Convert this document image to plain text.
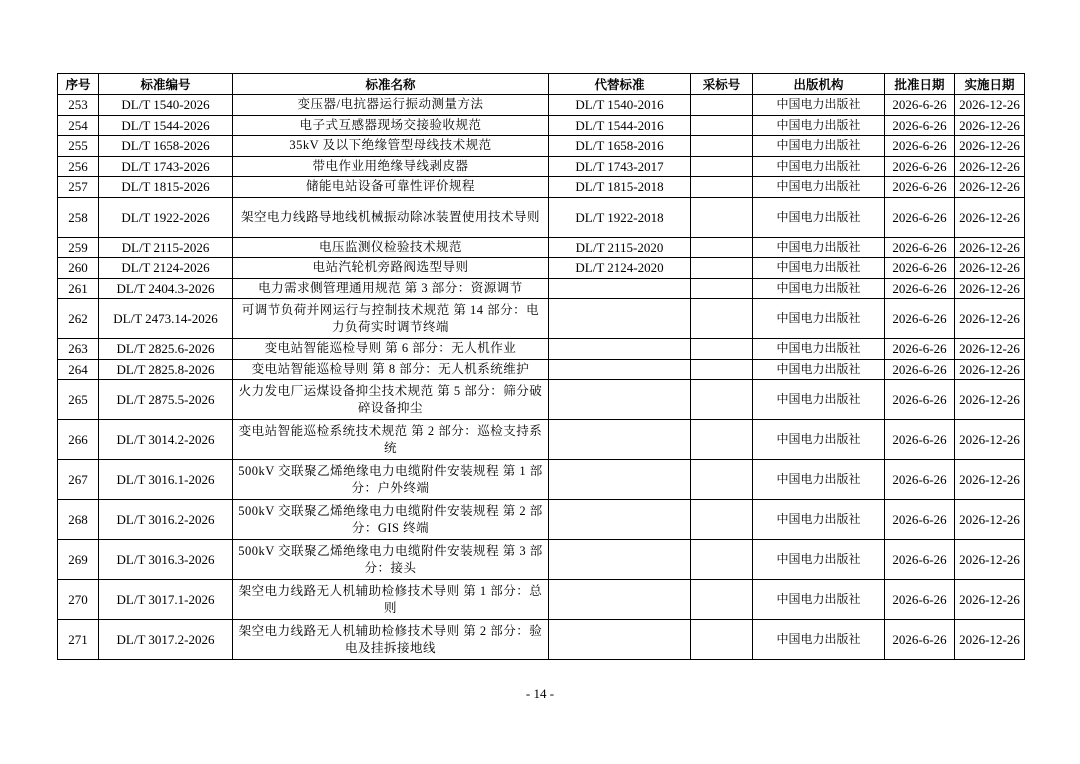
序号	标准编号	标准名称	代替标准	采标号	出版机构	批准日期	实施日期
253	DL/T 1540-2026	变压器/电抗器运行振动测量方法	DL/T 1540-2016		中国电力出版社	2026-6-26	2026-12-26
254	DL/T 1544-2026	电子式互感器现场交接验收规范	DL/T 1544-2016		中国电力出版社	2026-6-26	2026-12-26
255	DL/T 1658-2026	35kV 及以下绝缘管型母线技术规范	DL/T 1658-2016		中国电力出版社	2026-6-26	2026-12-26
256	DL/T 1743-2026	带电作业用绝缘导线剥皮器	DL/T 1743-2017		中国电力出版社	2026-6-26	2026-12-26
257	DL/T 1815-2026	储能电站设备可靠性评价规程	DL/T 1815-2018		中国电力出版社	2026-6-26	2026-12-26
258	DL/T 1922-2026	架空电力线路导地线机械振动除冰装置使用技术导则	DL/T 1922-2018		中国电力出版社	2026-6-26	2026-12-26
259	DL/T 2115-2026	电压监测仪检验技术规范	DL/T 2115-2020		中国电力出版社	2026-6-26	2026-12-26
260	DL/T 2124-2026	电站汽轮机旁路阀选型导则	DL/T 2124-2020		中国电力出版社	2026-6-26	2026-12-26
261	DL/T 2404.3-2026	电力需求侧管理通用规范 第 3 部分：资源调节			中国电力出版社	2026-6-26	2026-12-26
262	DL/T 2473.14-2026	可调节负荷并网运行与控制技术规范 第 14 部分：电力负荷实时调节终端			中国电力出版社	2026-6-26	2026-12-26
263	DL/T 2825.6-2026	变电站智能巡检导则 第 6 部分：无人机作业			中国电力出版社	2026-6-26	2026-12-26
264	DL/T 2825.8-2026	变电站智能巡检导则 第 8 部分：无人机系统维护			中国电力出版社	2026-6-26	2026-12-26
265	DL/T 2875.5-2026	火力发电厂运煤设备抑尘技术规范 第 5 部分：筛分破碎设备抑尘			中国电力出版社	2026-6-26	2026-12-26
266	DL/T 3014.2-2026	变电站智能巡检系统技术规范 第 2 部分：巡检支持系统			中国电力出版社	2026-6-26	2026-12-26
267	DL/T 3016.1-2026	500kV 交联聚乙烯绝缘电力电缆附件安装规程 第 1 部分：户外终端			中国电力出版社	2026-6-26	2026-12-26
268	DL/T 3016.2-2026	500kV 交联聚乙烯绝缘电力电缆附件安装规程 第 2 部分：GIS 终端			中国电力出版社	2026-6-26	2026-12-26
269	DL/T 3016.3-2026	500kV 交联聚乙烯绝缘电力电缆附件安装规程 第 3 部分：接头			中国电力出版社	2026-6-26	2026-12-26
270	DL/T 3017.1-2026	架空电力线路无人机辅助检修技术导则 第 1 部分：总则			中国电力出版社	2026-6-26	2026-12-26
271	DL/T 3017.2-2026	架空电力线路无人机辅助检修技术导则 第 2 部分：验电及挂拆接地线			中国电力出版社	2026-6-26	2026-12-26
- 14 -
